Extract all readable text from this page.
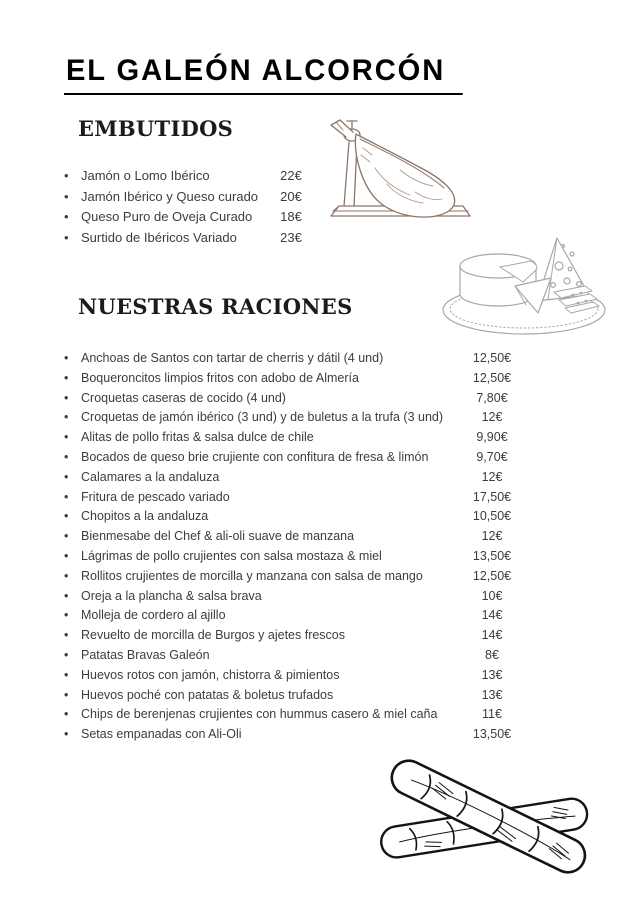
EL GALEÓN ALCORCÓN
EMBUTIDOS
• Jamón o Lomo Ibérico	22€
• Jamón Ibérico y Queso curado	20€
• Queso Puro de Oveja Curado	18€
• Surtido de Ibéricos Variado	23€
NUESTRAS RACIONES
•	Anchoas de Santos con tartar de cherris y dátil (4 und)	12,50€
•	Boqueroncitos limpios fritos con adobo de Almería	12,50€
•	Croquetas caseras de cocido (4 und)	7,80€
•	Croquetas de jamón ibérico (3 und) y de buletus a la trufa (3 und)	12€
•	Alitas de pollo fritas & salsa dulce de chile	9,90€
•	Bocados de queso brie crujiente con confitura de fresa & limón	9,70€
•	Calamares a la andaluza	12€
•	Fritura de pescado variado	17,50€
•	Chopitos a la andaluza	10,50€
•	Bienmesabe del Chef & ali-oli suave de manzana	12€
•	Lágrimas de pollo crujientes con salsa mostaza & miel	13,50€
•	Rollitos crujientes de morcilla y manzana con salsa de mango	12,50€
•	Oreja a la plancha & salsa brava	10€
•	Molleja de cordero al ajillo	14€
•	Revuelto de morcilla de Burgos y ajetes frescos	14€
•	Patatas Bravas Galeón	8€
•	Huevos rotos con jamón, chistorra & pimientos	13€
•	Huevos poché con patatas & boletus trufados	13€
•	Chips de berenjenas crujientes con hummus casero & miel caña	11€
•	Setas empanadas con Ali-Oli	13,50€
